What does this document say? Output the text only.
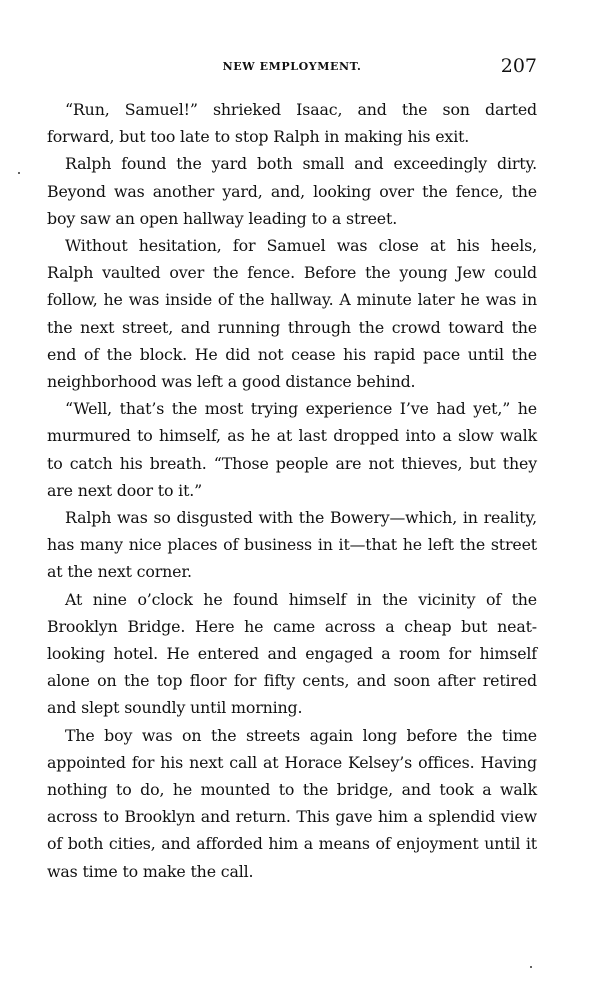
NEW EMPLOYMENT.	207

“Run, Samuel!” shrieked Isaac, and the son darted forward, but too late to stop Ralph in making his exit.

Ralph found the yard both small and exceedingly dirty. Beyond was another yard, and, looking over the fence, the boy saw an open hallway leading to a street.

Without hesitation, for Samuel was close at his heels, Ralph vaulted over the fence. Before the young Jew could follow, he was inside of the hallway. A minute later he was in the next street, and running through the crowd toward the end of the block. He did not cease his rapid pace until the neighborhood was left a good distance behind.

“Well, that’s the most trying experience I’ve had yet,” he murmured to himself, as he at last dropped into a slow walk to catch his breath. “Those people are not thieves, but they are next door to it.”

Ralph was so disgusted with the Bowery—which, in reality, has many nice places of business in it—that he left the street at the next corner.

At nine o’clock he found himself in the vicinity of the Brooklyn Bridge. Here he came across a cheap but neat-looking hotel. He entered and engaged a room for himself alone on the top floor for fifty cents, and soon after retired and slept soundly until morning.

The boy was on the streets again long before the time appointed for his next call at Horace Kelsey’s offices. Having nothing to do, he mounted to the bridge, and took a walk across to Brooklyn and return. This gave him a splendid view of both cities, and afforded him a means of enjoyment until it was time to make the call.
